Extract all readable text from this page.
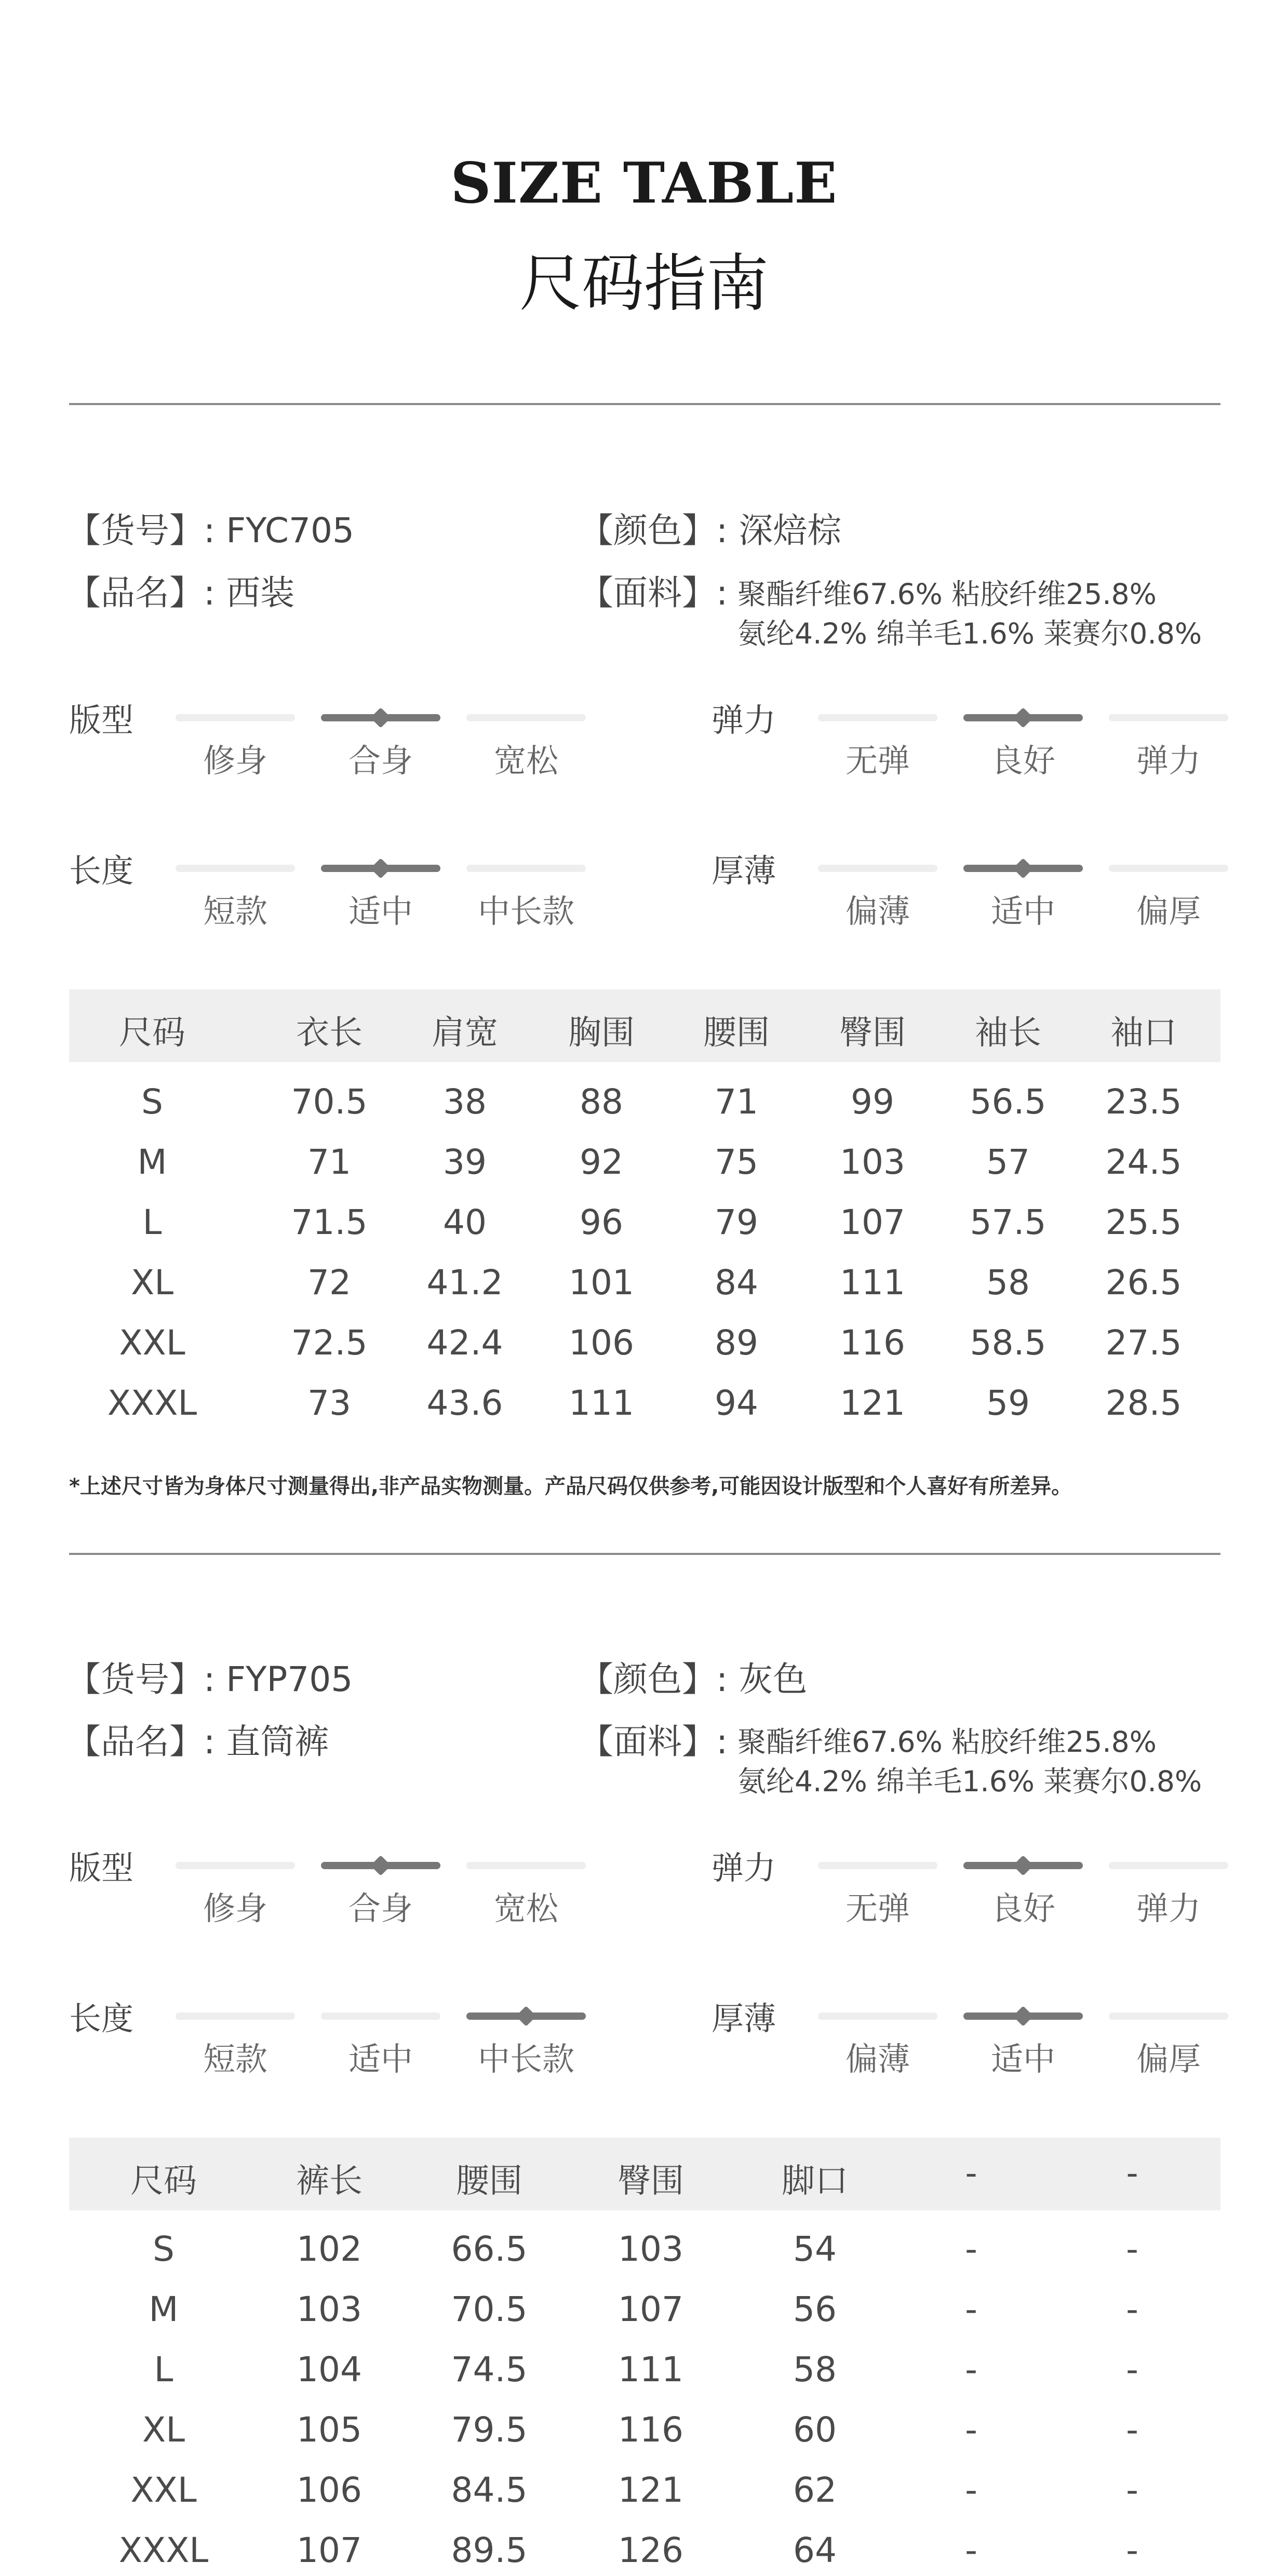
SIZE TABLE
尺码指南
【货号】: FYC705
【品名】: 西装
【颜色】: 深焙棕
【面料】: 聚酯纤维67.6% 粘胶纤维25.8%
氨纶4.2% 绵羊毛1.6% 莱赛尔0.8%
版型
修身	合身	宽松
弹力
无弹	良好	弹力
长度
短款	适中	中长款
厚薄
偏薄	适中	偏厚
尺码	衣长	肩宽	胸围	腰围	臀围	袖长	袖口
S	70.5	38	88	71	99	56.5	23.5
M	71	39	92	75	103	57	24.5
L	71.5	40	96	79	107	57.5	25.5
XL	72	41.2	101	84	111	58	26.5
XXL	72.5	42.4	106	89	116	58.5	27.5
XXXL	73	43.6	111	94	121	59	28.5
*上述尺寸皆为身体尺寸测量得出,非产品实物测量。产品尺码仅供参考,可能因设计版型和个人喜好有所差异。
【货号】: FYP705
【品名】: 直筒裤
【颜色】: 灰色
【面料】: 聚酯纤维67.6% 粘胶纤维25.8%
氨纶4.2% 绵羊毛1.6% 莱赛尔0.8%
版型
修身	合身	宽松
弹力
无弹	良好	弹力
长度
短款	适中	中长款
厚薄
偏薄	适中	偏厚
尺码	裤长	腰围	臀围	脚口	-	-
S	102	66.5	103	54	-	-
M	103	70.5	107	56	-	-
L	104	74.5	111	58	-	-
XL	105	79.5	116	60	-	-
XXL	106	84.5	121	62	-	-
XXXL	107	89.5	126	64	-	-
